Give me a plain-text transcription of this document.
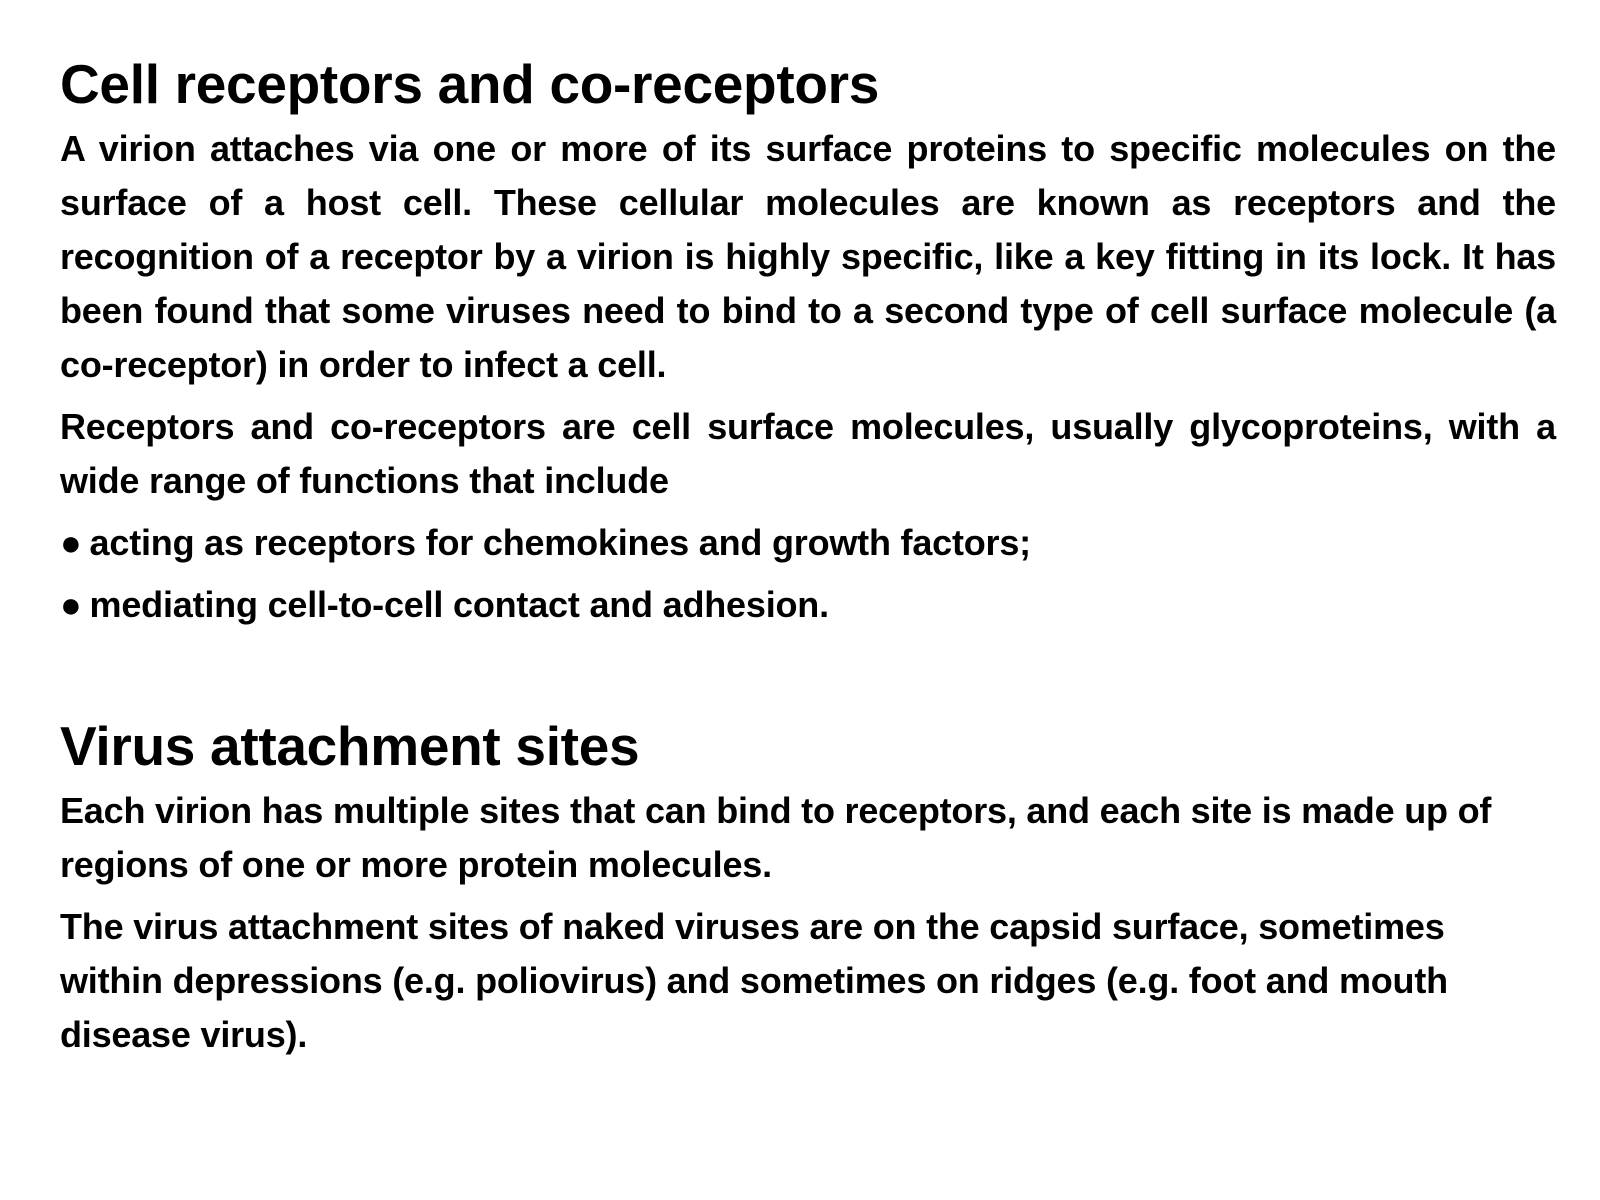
Cell receptors and co-receptors

A virion attaches via one or more of its surface proteins to specific molecules on the surface of a host cell. These cellular molecules are known as receptors and the recognition of a receptor by a virion is highly specific, like a key fitting in its lock. It has been found that some viruses need to bind to a second type of cell surface molecule (a co-receptor) in order to infect a cell.

Receptors and co-receptors are cell surface molecules, usually glycoproteins, with a wide range of functions that include

● acting as receptors for chemokines and growth factors;

● mediating cell-to-cell contact and adhesion.

Virus attachment sites

Each virion has multiple sites that can bind to receptors, and each site is made up of regions of one or more protein molecules.

The virus attachment sites of naked viruses are on the capsid surface, sometimes within depressions (e.g. poliovirus) and sometimes on ridges (e.g. foot and mouth disease virus).
